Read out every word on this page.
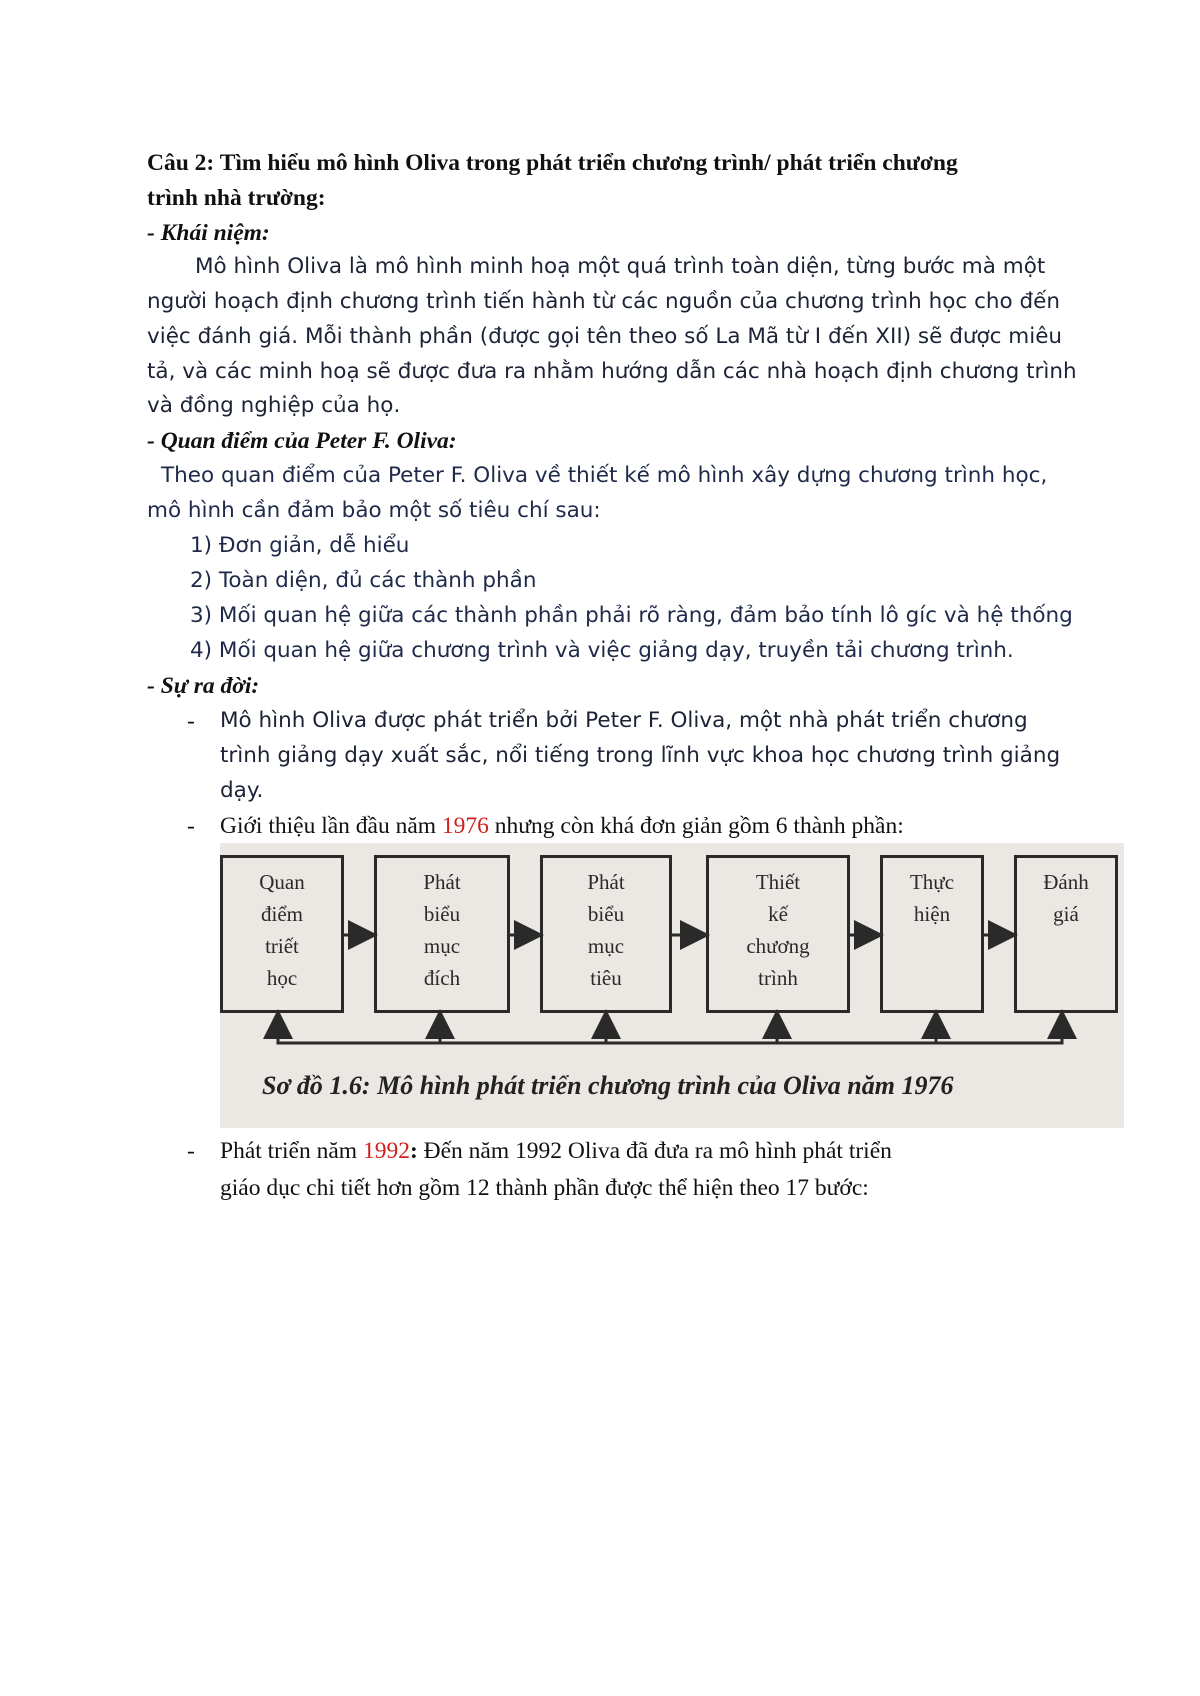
Câu 2: Tìm hiểu mô hình Oliva trong phát triển chương trình/ phát triển chương
trình nhà trường:
- Khái niệm:
Mô hình Oliva là mô hình minh hoạ một quá trình toàn diện, từng bước mà một
người hoạch định chương trình tiến hành từ các nguồn của chương trình học cho đến
việc đánh giá. Mỗi thành phần (được gọi tên theo số La Mã từ I đến XII) sẽ được miêu
tả, và các minh hoạ sẽ được đưa ra nhằm hướng dẫn các nhà hoạch định chương trình
và đồng nghiệp của họ.
- Quan điểm của Peter F. Oliva:
Theo quan điểm của Peter F. Oliva về thiết kế mô hình xây dựng chương trình học,
mô hình cần đảm bảo một số tiêu chí sau:
1) Đơn giản, dễ hiểu
2) Toàn diện, đủ các thành phần
3) Mối quan hệ giữa các thành phần phải rõ ràng, đảm bảo tính lô gíc và hệ thống
4) Mối quan hệ giữa chương trình và việc giảng dạy, truyền tải chương trình.
- Sự ra đời:
- Mô hình Oliva được phát triển bởi Peter F. Oliva, một nhà phát triển chương
trình giảng dạy xuất sắc, nổi tiếng trong lĩnh vực khoa học chương trình giảng
dạy.
- Giới thiệu lần đầu năm 1976 nhưng còn khá đơn giản gồm 6 thành phần:
Quan
điểm
triết
học
Phát
biểu
mục
đích
Phát
biểu
mục
tiêu
Thiết
kế
chương
trình
Thực
hiện
Đánh
giá
Sơ đồ 1.6: Mô hình phát triển chương trình của Oliva năm 1976
- Phát triển năm 1992: Đến năm 1992 Oliva đã đưa ra mô hình phát triển
giáo dục chi tiết hơn gồm 12 thành phần được thể hiện theo 17 bước:
